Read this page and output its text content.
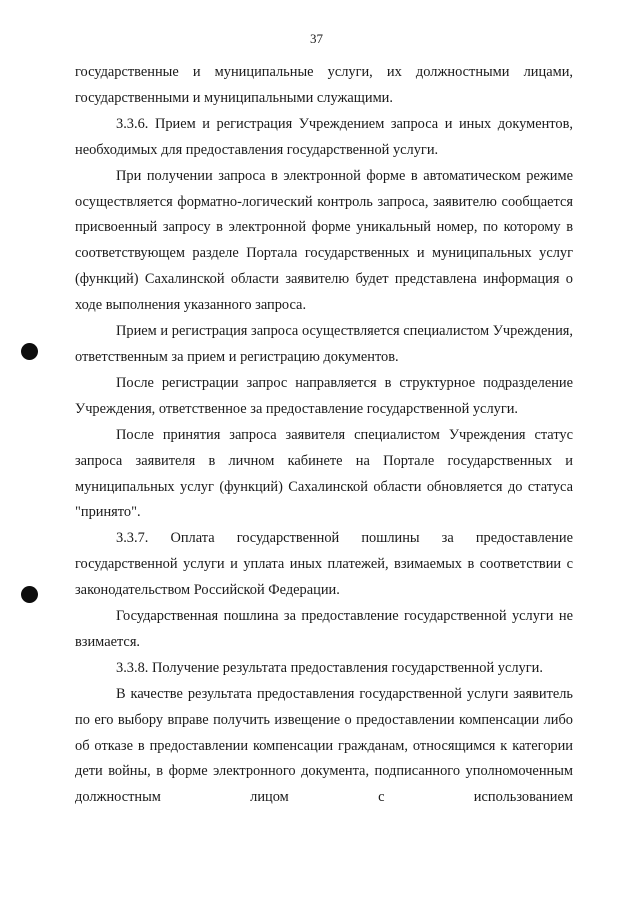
37

государственные и муниципальные услуги, их должностными лицами, государственными и муниципальными служащими.

3.3.6. Прием и регистрация Учреждением запроса и иных документов, необходимых для предоставления государственной услуги.

При получении запроса в электронной форме в автоматическом режиме осуществляется форматно-логический контроль запроса, заявителю сообщается присвоенный запросу в электронной форме уникальный номер, по которому в соответствующем разделе Портала государственных и муниципальных услуг (функций) Сахалинской области заявителю будет представлена информация о ходе выполнения указанного запроса.

Прием и регистрация запроса осуществляется специалистом Учреждения, ответственным за прием и регистрацию документов.

После регистрации запрос направляется в структурное подразделение Учреждения, ответственное за предоставление государственной услуги.

После принятия запроса заявителя специалистом Учреждения статус запроса заявителя в личном кабинете на Портале государственных и муниципальных услуг (функций) Сахалинской области обновляется до статуса "принято".

3.3.7. Оплата государственной пошлины за предоставление государственной услуги и уплата иных платежей, взимаемых в соответствии с законодательством Российской Федерации.

Государственная пошлина за предоставление государственной услуги не взимается.

3.3.8. Получение результата предоставления государственной услуги.

В качестве результата предоставления государственной услуги заявитель по его выбору вправе получить извещение о предоставлении компенсации либо об отказе в предоставлении компенсации гражданам, относящимся к категории дети войны, в форме электронного документа, подписанного уполномоченным должностным лицом с использованием
